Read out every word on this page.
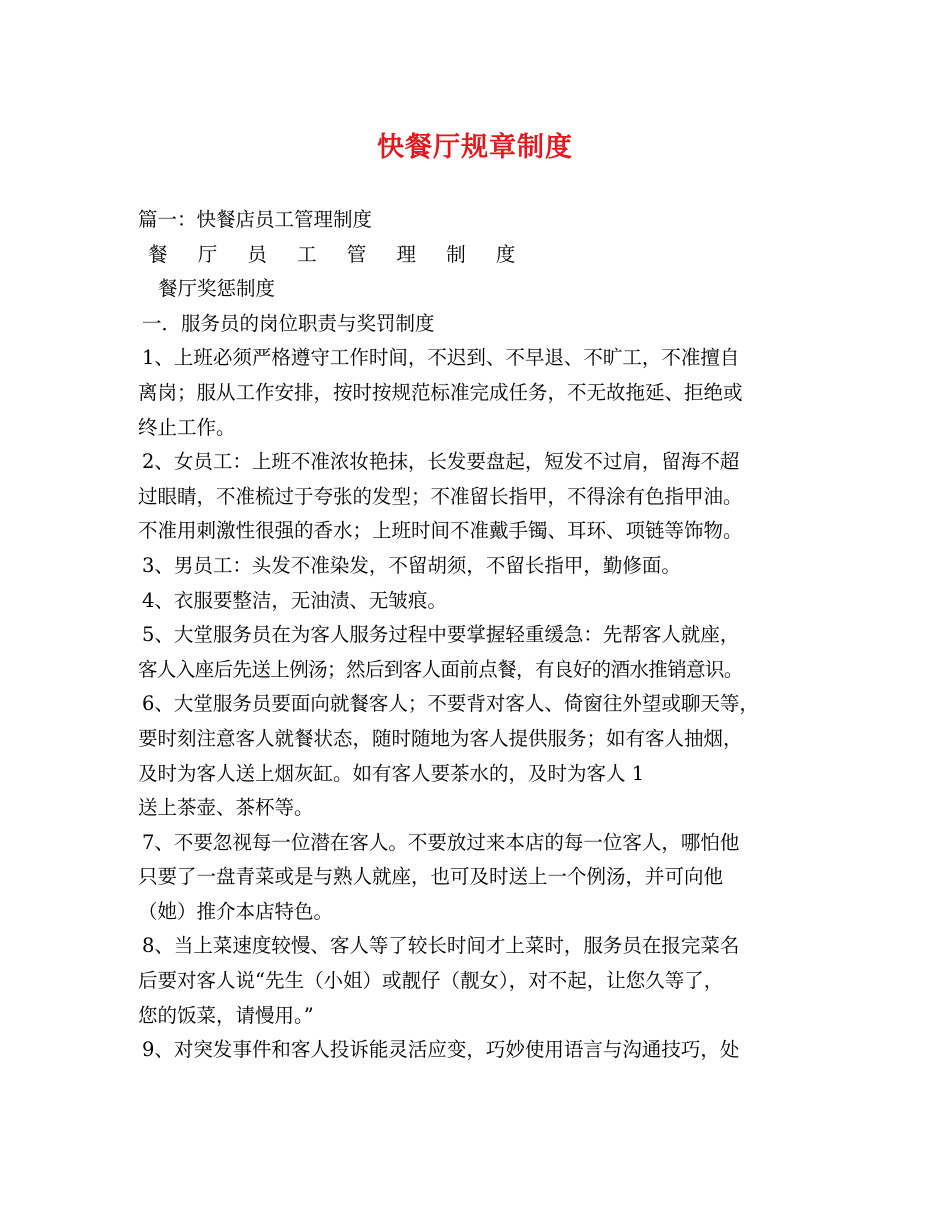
快餐厅规章制度
篇一：快餐店员工管理制度
餐 厅 员 工 管 理 制 度
餐厅奖惩制度
一．服务员的岗位职责与奖罚制度
1、上班必须严格遵守工作时间，不迟到、不早退、不旷工，不准擅自
离岗；服从工作安排，按时按规范标准完成任务，不无故拖延、拒绝或
终止工作。
2、女员工：上班不准浓妆艳抹，长发要盘起，短发不过肩，留海不超
过眼睛，不准梳过于夸张的发型；不准留长指甲，不得涂有色指甲油。
不准用刺激性很强的香水；上班时间不准戴手镯、耳环、项链等饰物。
3、男员工：头发不准染发，不留胡须，不留长指甲，勤修面。
4、衣服要整洁，无油渍、无皱痕。
5、大堂服务员在为客人服务过程中要掌握轻重缓急：先帮客人就座，
客人入座后先送上例汤；然后到客人面前点餐，有良好的酒水推销意识。
6、大堂服务员要面向就餐客人；不要背对客人、倚窗往外望或聊天等，
要时刻注意客人就餐状态，随时随地为客人提供服务；如有客人抽烟，
及时为客人送上烟灰缸。如有客人要茶水的，及时为客人 1
送上茶壶、茶杯等。
7、不要忽视每一位潜在客人。不要放过来本店的每一位客人，哪怕他
只要了一盘青菜或是与熟人就座，也可及时送上一个例汤，并可向他
（她）推介本店特色。
8、当上菜速度较慢、客人等了较长时间才上菜时，服务员在报完菜名
后要对客人说“先生（小姐）或靓仔（靓女），对不起，让您久等了，
您的饭菜，请慢用。”
9、对突发事件和客人投诉能灵活应变，巧妙使用语言与沟通技巧，处
